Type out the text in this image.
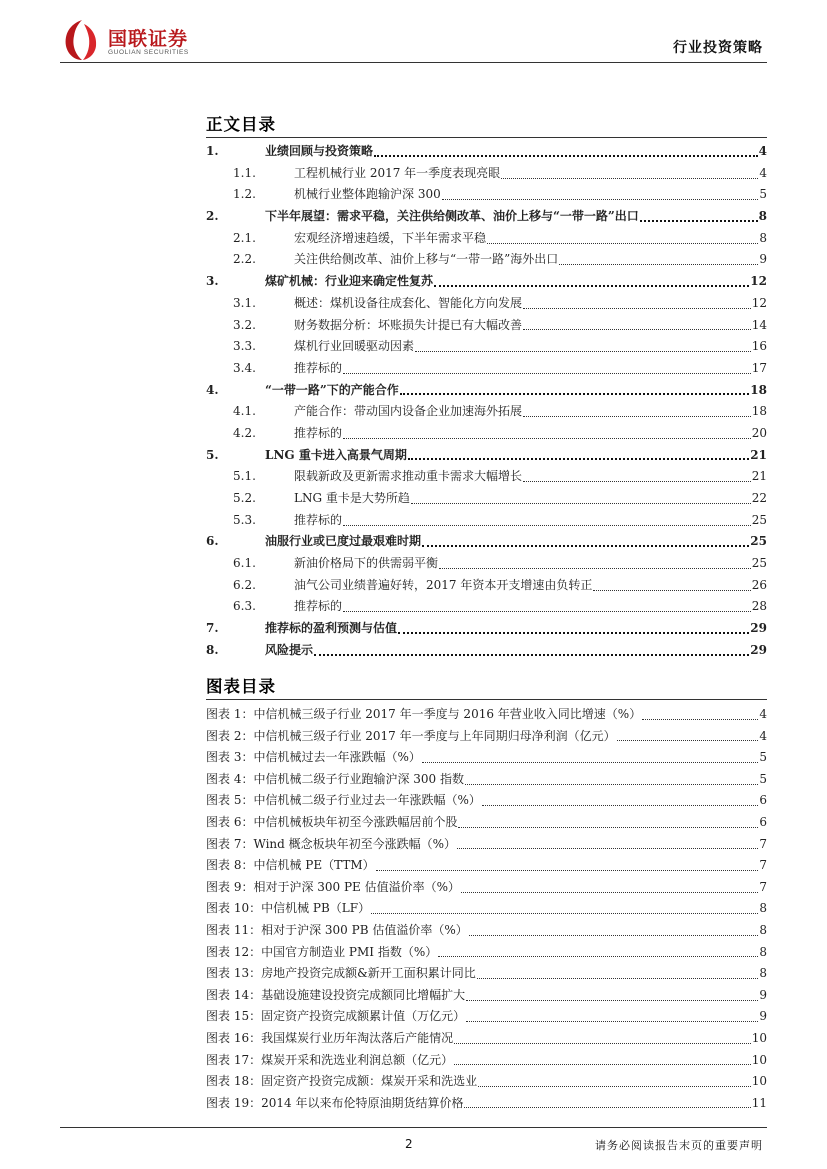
国联证券
GUOLIAN SECURITIES	行业投资策略
正文目录
1.	业绩回顾与投资策略	4
1.1.	工程机械行业 2017 年一季度表现亮眼	4
1.2.	机械行业整体跑输沪深 300	5
2.	下半年展望：需求平稳，关注供给侧改革、油价上移与“一带一路”出口	8
2.1.	宏观经济增速趋缓，下半年需求平稳	8
2.2.	关注供给侧改革、油价上移与“一带一路”海外出口	9
3.	煤矿机械：行业迎来确定性复苏	12
3.1.	概述：煤机设备往成套化、智能化方向发展	12
3.2.	财务数据分析：坏账损失计提已有大幅改善	14
3.3.	煤机行业回暖驱动因素	16
3.4.	推荐标的	17
4.	“一带一路”下的产能合作	18
4.1.	产能合作：带动国内设备企业加速海外拓展	18
4.2.	推荐标的	20
5.	LNG 重卡进入高景气周期	21
5.1.	限载新政及更新需求推动重卡需求大幅增长	21
5.2.	LNG 重卡是大势所趋	22
5.3.	推荐标的	25
6.	油服行业或已度过最艰难时期	25
6.1.	新油价格局下的供需弱平衡	25
6.2.	油气公司业绩普遍好转，2017 年资本开支增速由负转正	26
6.3.	推荐标的	28
7.	推荐标的盈利预测与估值	29
8.	风险提示	29
图表目录
图表 1：中信机械三级子行业 2017 年一季度与 2016 年营业收入同比增速（%）	4
图表 2：中信机械三级子行业 2017 年一季度与上年同期归母净利润（亿元）	4
图表 3：中信机械过去一年涨跌幅（%）	5
图表 4：中信机械二级子行业跑输沪深 300 指数	5
图表 5：中信机械二级子行业过去一年涨跌幅（%）	6
图表 6：中信机械板块年初至今涨跌幅居前个股	6
图表 7：Wind 概念板块年初至今涨跌幅（%）	7
图表 8：中信机械 PE（TTM）	7
图表 9：相对于沪深 300 PE 估值溢价率（%）	7
图表 10：中信机械 PB（LF）	8
图表 11：相对于沪深 300 PB 估值溢价率（%）	8
图表 12：中国官方制造业 PMI 指数（%）	8
图表 13：房地产投资完成额&新开工面积累计同比	8
图表 14：基础设施建设投资完成额同比增幅扩大	9
图表 15：固定资产投资完成额累计值（万亿元）	9
图表 16：我国煤炭行业历年淘汰落后产能情况	10
图表 17：煤炭开采和洗选业利润总额（亿元）	10
图表 18：固定资产投资完成额：煤炭开采和洗选业	10
图表 19：2014 年以来布伦特原油期货结算价格	11
2	请务必阅读报告末页的重要声明
